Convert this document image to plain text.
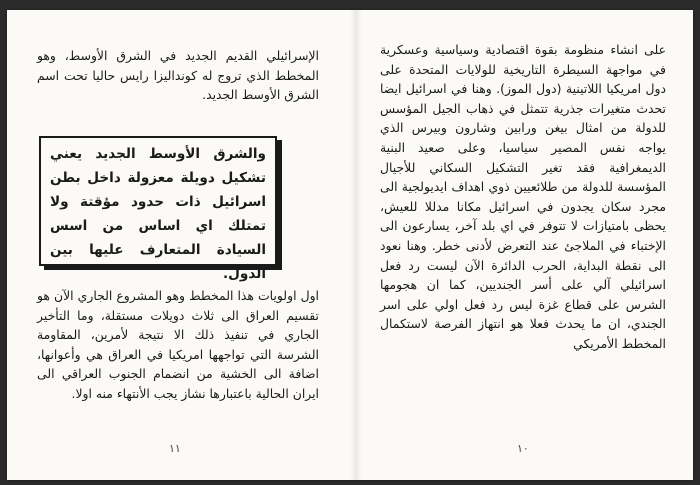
الإسرائيلي القديم الجديد في الشرق الأوسط، وهو المخطط الذي تروج له كونداليزا رايس حاليا تحت اسم الشرق الأوسط الجديد.

والشرق الأوسط الجديد يعني تشكيل دويلة معزولة داخل بطن اسرائيل ذات حدود مؤقتة ولا تمتلك اي اساس من اسس السيادة المتعارف عليها بين الدول.

اول اولويات هذا المخطط وهو المشروع الجاري الآن هو تقسيم العراق الى ثلاث دويلات مستقلة، وما التأخير الجاري في تنفيذ ذلك الا نتيجة لأمرين، المقاومة الشرسة التي تواجهها امريكيا في العراق هي وأعوانها، اضافة الى الخشية من انضمام الجنوب العراقي الى ايران الحالية باعتبارها نشاز يجب الأنتهاء منه اولا.

١١

على انشاء منظومة بقوة اقتصادية وسياسية وعسكرية في مواجهة السيطرة التاريخية للولايات المتحدة على دول امريكيا اللاتينية (دول الموز). وهنا في اسرائيل ايضا تحدث متغيرات جذرية تتمثل في ذهاب الجيل المؤسس للدولة من امثال بيغن ورابين وشارون وبيرس الذي يواجه نفس المصير سياسيا، وعلى صعيد البنية الديمغرافية فقد تغير التشكيل السكاني للأجيال المؤسسة للدولة من طلائعيين ذوي اهداف ايديولجية الى مجرد سكان يجدون في اسرائيل مكانا مدللا للعيش، يحظى بامتيازات لا تتوفر في اي بلد آخر، يسارعون الى الإختباء في الملاجئ عند التعرض لأدنى خطر. وهنا نعود الى نقطة البداية، الحرب الدائرة الآن ليست رد فعل اسرائيلي آلي على أسر الجنديين، كما ان هجومها الشرس على قطاع غزة ليس رد فعل اولي على اسر الجندي، ان ما يحدث فعلا هو انتهاز الفرصة لاستكمال المخطط الأمريكي

١٠
